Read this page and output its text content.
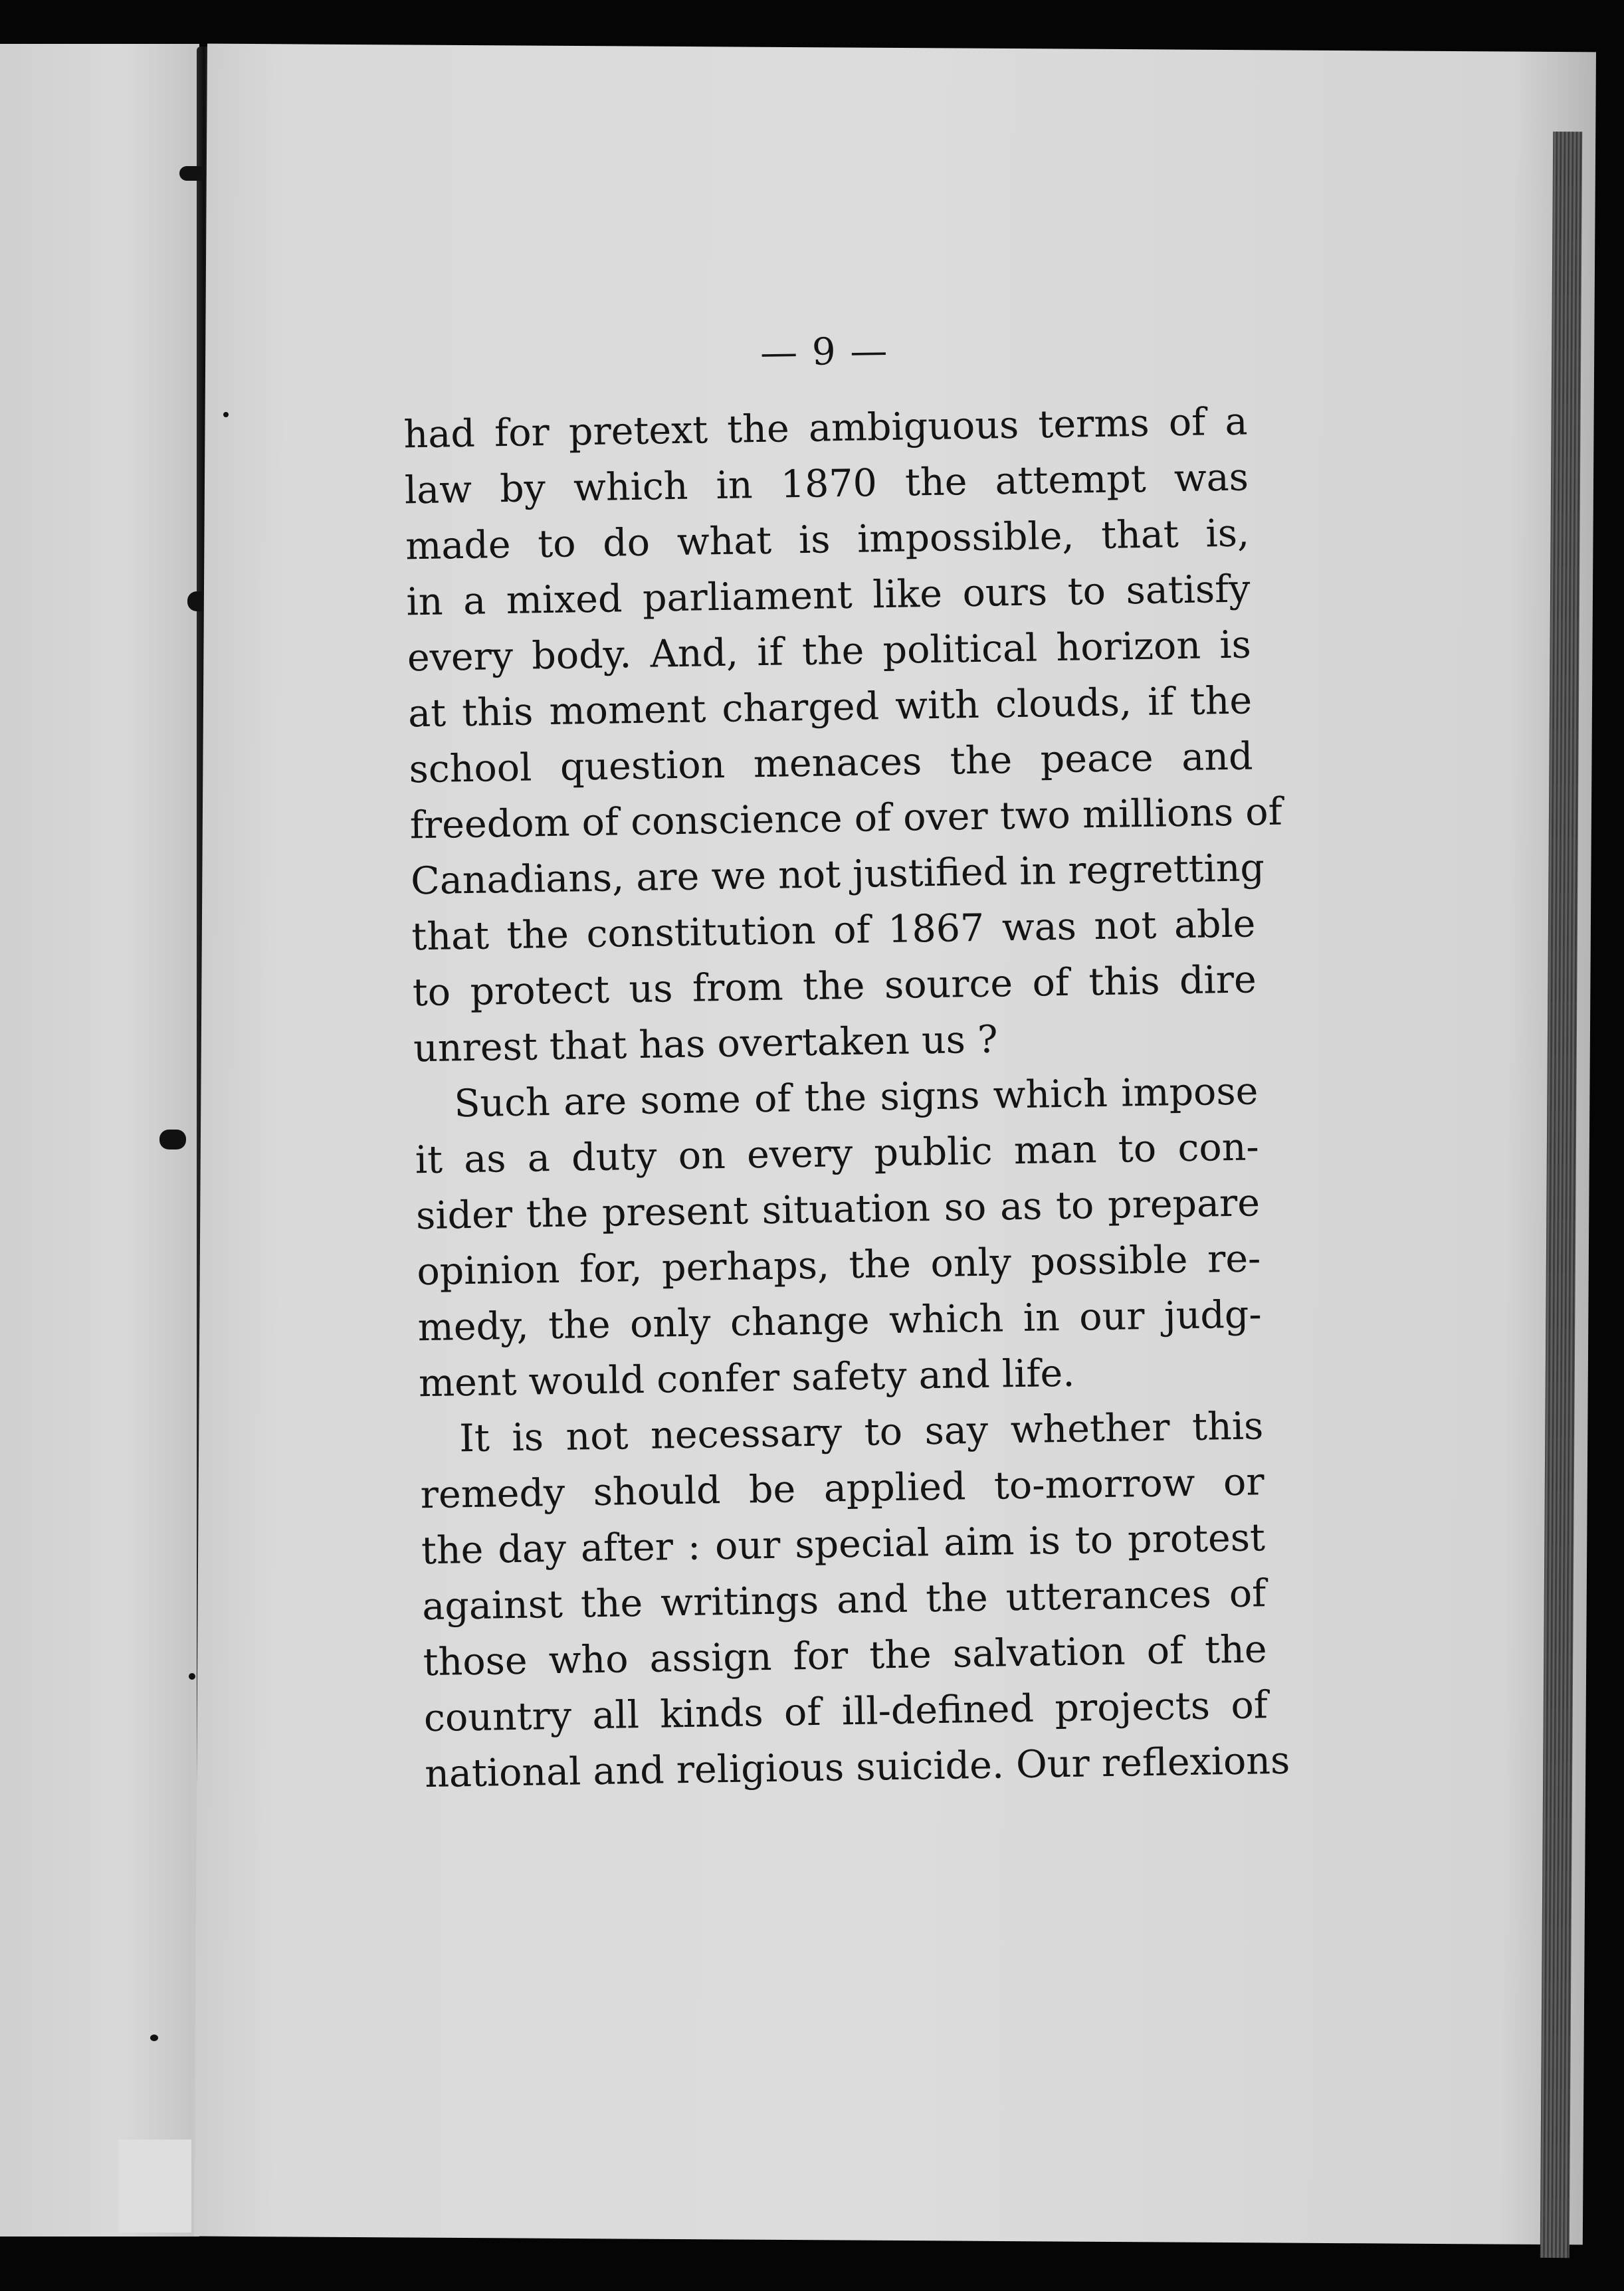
— 9 —
had for pretext the ambiguous terms of a
law by which in 1870 the attempt was
made to do what is impossible, that is,
in a mixed parliament like ours to satisfy
every body. And, if the political horizon is
at this moment charged with clouds, if the
school question menaces the peace and
freedom of conscience of over two millions of
Canadians, are we not justified in regretting
that the constitution of 1867 was not able
to protect us from the source of this dire
unrest that has overtaken us ?
Such are some of the signs which impose
it as a duty on every public man to con-
sider the present situation so as to prepare
opinion for, perhaps, the only possible re-
medy, the only change which in our judg-
ment would confer safety and life.
It is not necessary to say whether this
remedy should be applied to-morrow or
the day after : our special aim is to protest
against the writings and the utterances of
those who assign for the salvation of the
country all kinds of ill-defined projects of
national and religious suicide. Our reflexions
